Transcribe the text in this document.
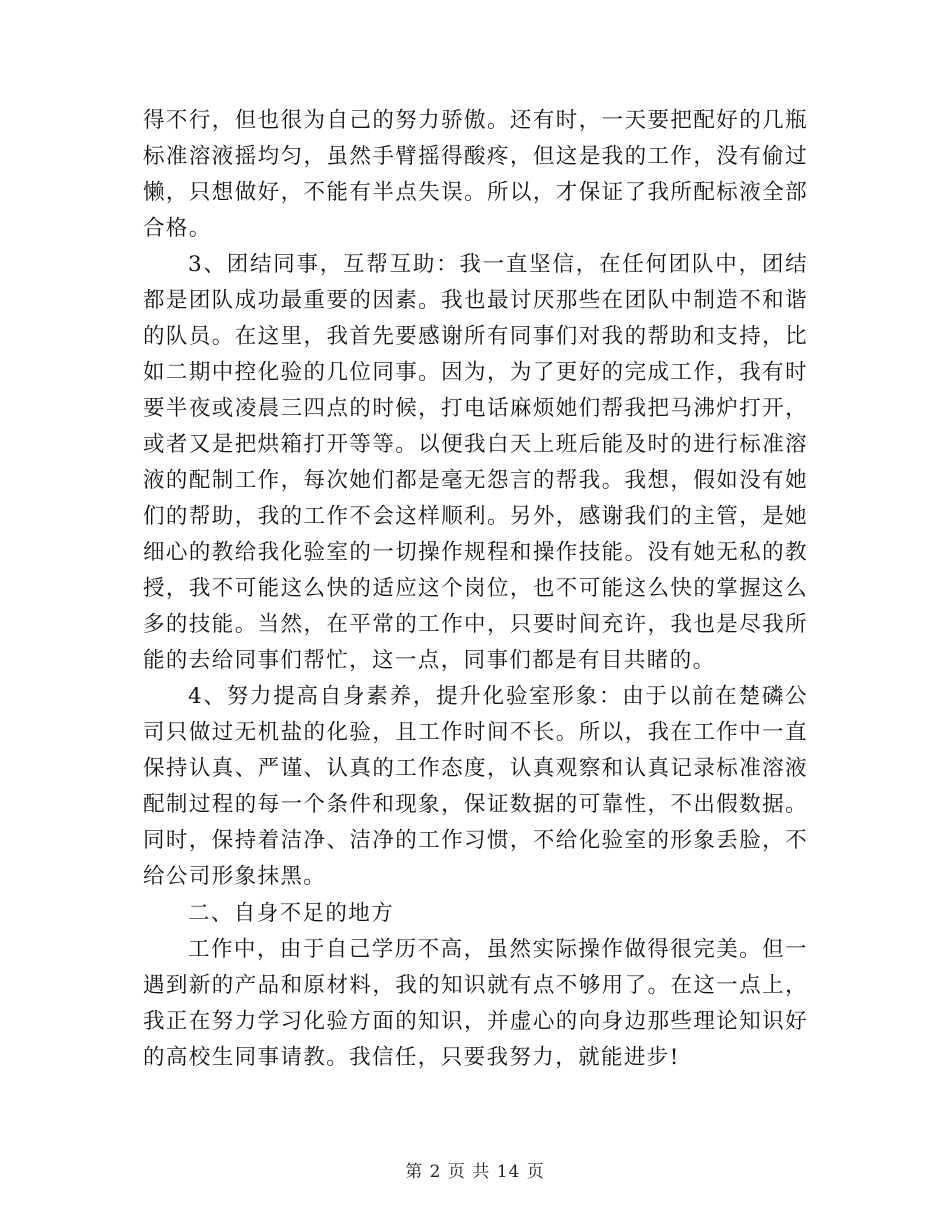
得不行，但也很为自己的努力骄傲。还有时，一天要把配好的几瓶标准溶液摇均匀，虽然手臂摇得酸疼，但这是我的工作，没有偷过懒，只想做好，不能有半点失误。所以，才保证了我所配标液全部合格。

3、团结同事，互帮互助：我一直坚信，在任何团队中，团结都是团队成功最重要的因素。我也最讨厌那些在团队中制造不和谐的队员。在这里，我首先要感谢所有同事们对我的帮助和支持，比如二期中控化验的几位同事。因为，为了更好的完成工作，我有时要半夜或凌晨三四点的时候，打电话麻烦她们帮我把马沸炉打开，或者又是把烘箱打开等等。以便我白天上班后能及时的进行标准溶液的配制工作，每次她们都是毫无怨言的帮我。我想，假如没有她们的帮助，我的工作不会这样顺利。另外，感谢我们的主管，是她细心的教给我化验室的一切操作规程和操作技能。没有她无私的教授，我不可能这么快的适应这个岗位，也不可能这么快的掌握这么多的技能。当然，在平常的工作中，只要时间充许，我也是尽我所能的去给同事们帮忙，这一点，同事们都是有目共睹的。

4、努力提高自身素养，提升化验室形象：由于以前在楚磷公司只做过无机盐的化验，且工作时间不长。所以，我在工作中一直保持认真、严谨、认真的工作态度，认真观察和认真记录标准溶液配制过程的每一个条件和现象，保证数据的可靠性，不出假数据。同时，保持着洁净、洁净的工作习惯，不给化验室的形象丢脸，不给公司形象抹黑。

二、自身不足的地方

工作中，由于自己学历不高，虽然实际操作做得很完美。但一遇到新的产品和原材料，我的知识就有点不够用了。在这一点上，我正在努力学习化验方面的知识，并虚心的向身边那些理论知识好的高校生同事请教。我信任，只要我努力，就能进步!

第 2 页 共 14 页
